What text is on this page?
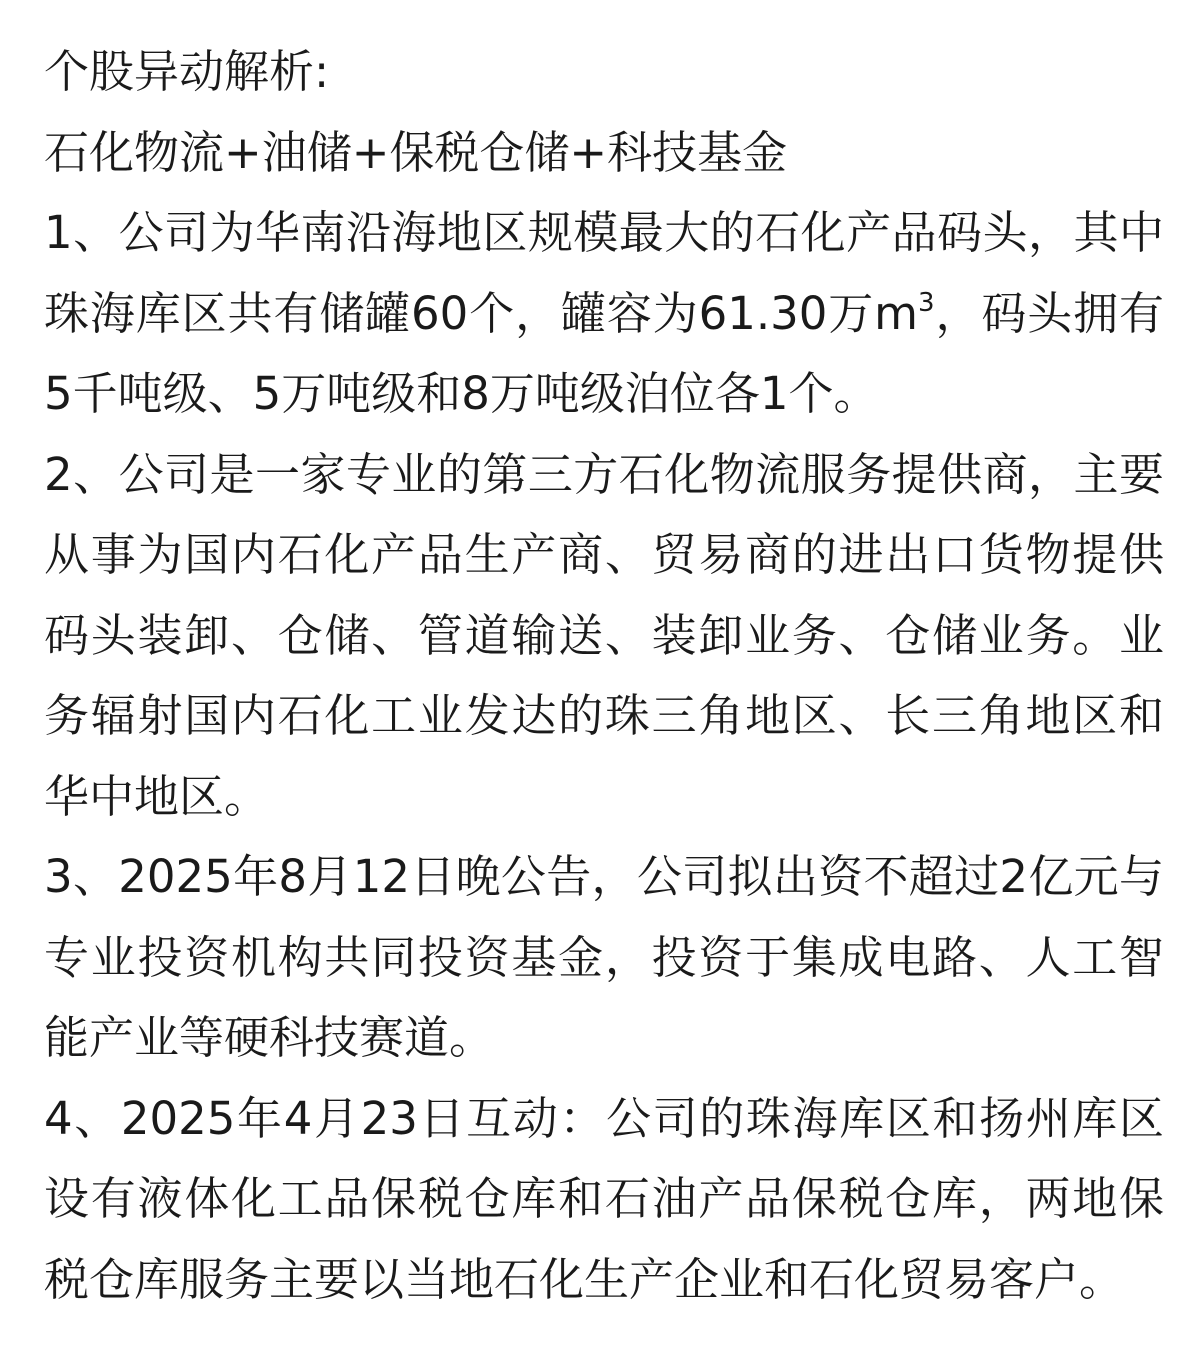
个股异动解析:

石化物流+油储+保税仓储+科技基金

1、公司为华南沿海地区规模最大的石化产品码头，其中珠海库区共有储罐60个，罐容为61.30万$m^3$，码头拥有5千吨级、5万吨级和8万吨级泊位各1个。

2、公司是一家专业的第三方石化物流服务提供商，主要从事为国内石化产品生产商、贸易商的进出口货物提供码头装卸、仓储、管道输送、装卸业务、仓储业务。业务辐射国内石化工业发达的珠三角地区、长三角地区和华中地区。

3、2025年8月12日晚公告，公司拟出资不超过2亿元与专业投资机构共同投资基金，投资于集成电路、人工智能产业等硬科技赛道。

4、2025年4月23日互动：公司的珠海库区和扬州库区设有液体化工品保税仓库和石油产品保税仓库，两地保税仓库服务主要以当地石化生产企业和石化贸易客户。
